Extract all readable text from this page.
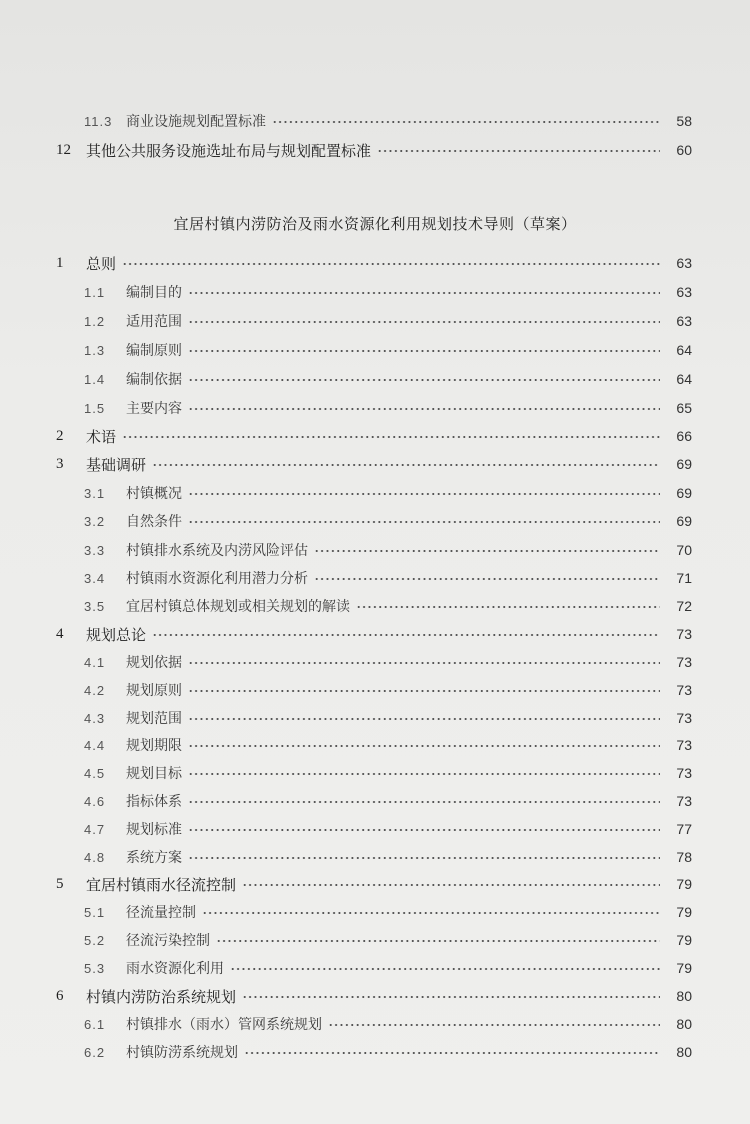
11.3 商业设施规划配置标准	58
12	其他公共服务设施选址布局与规划配置标准	60
宜居村镇内涝防治及雨水资源化利用规划技术导则（草案）
1	总则	63
1.1	编制目的	63
1.2	适用范围	63
1.3	编制原则	64
1.4	编制依据	64
1.5	主要内容	65
2	术语	66
3	基础调研	69
3.1	村镇概况	69
3.2	自然条件	69
3.3	村镇排水系统及内涝风险评估	70
3.4	村镇雨水资源化利用潜力分析	71
3.5	宜居村镇总体规划或相关规划的解读	72
4	规划总论	73
4.1	规划依据	73
4.2	规划原则	73
4.3	规划范围	73
4.4	规划期限	73
4.5	规划目标	73
4.6	指标体系	73
4.7	规划标准	77
4.8	系统方案	78
5	宜居村镇雨水径流控制	79
5.1	径流量控制	79
5.2	径流污染控制	79
5.3	雨水资源化利用	79
6	村镇内涝防治系统规划	80
6.1	村镇排水（雨水）管网系统规划	80
6.2	村镇防涝系统规划	80
